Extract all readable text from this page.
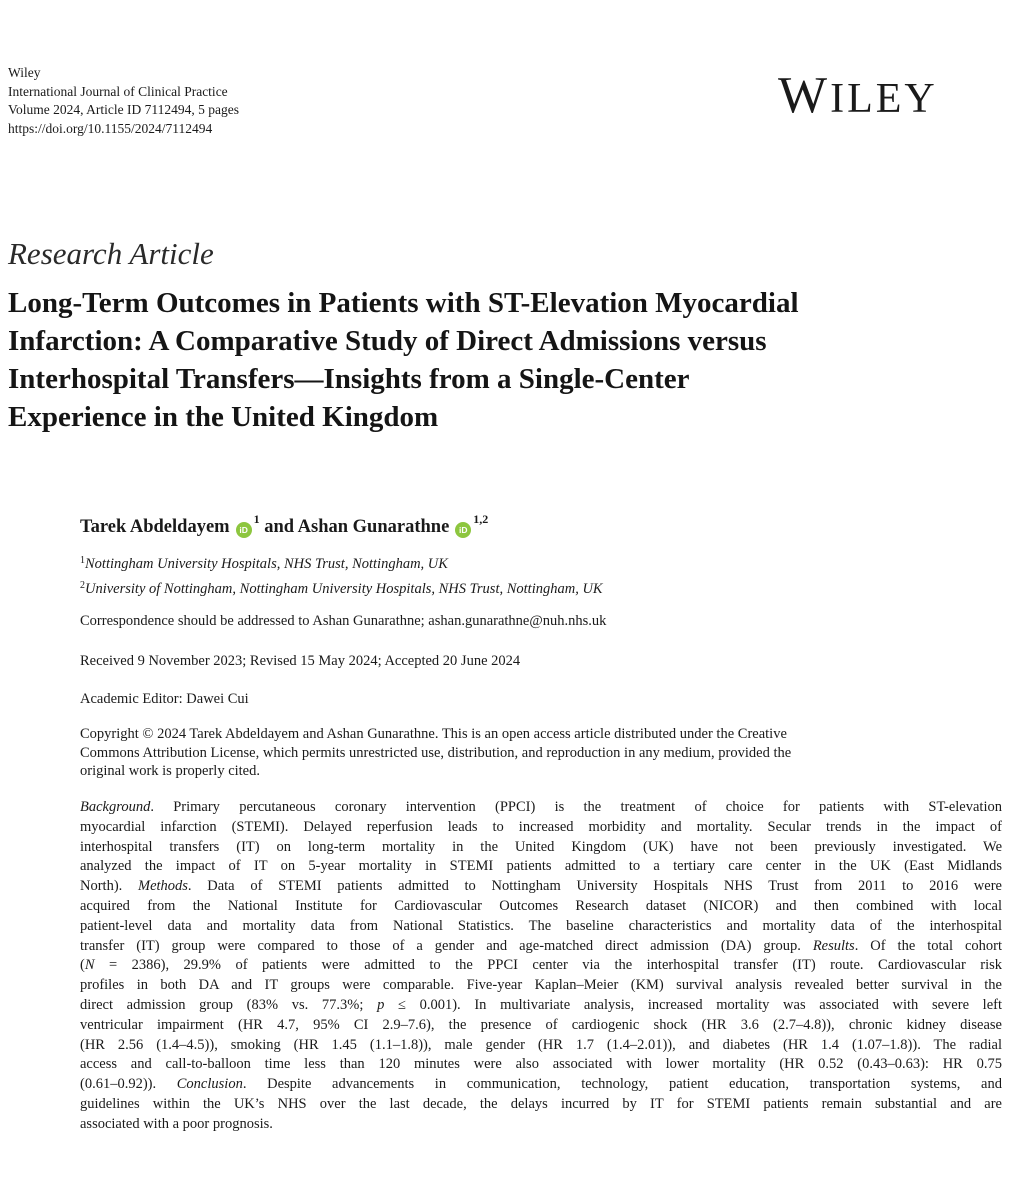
Wiley
International Journal of Clinical Practice
Volume 2024, Article ID 7112494, 5 pages
https://doi.org/10.1155/2024/7112494
WILEY
Research Article
Long-Term Outcomes in Patients with ST-Elevation Myocardial
Infarction: A Comparative Study of Direct Admissions versus
Interhospital Transfers—Insights from a Single-Center
Experience in the United Kingdom
Tarek Abdeldayem $iD^1$ and Ashan Gunarathne iD$^{1,2}$
$^1$Nottingham University Hospitals, NHS Trust, Nottingham, UK
$^2$University of Nottingham, Nottingham University Hospitals, NHS Trust, Nottingham, UK
Correspondence should be addressed to Ashan Gunarathne; ashan.gunarathne@nuh.nhs.uk
Received 9 November 2023; Revised 15 May 2024; Accepted 20 June 2024
Academic Editor: Dawei Cui
Copyright © 2024 Tarek Abdeldayem and Ashan Gunarathne. This is an open access article distributed under the Creative
Commons Attribution License, which permits unrestricted use, distribution, and reproduction in any medium, provided the
original work is properly cited.
Background. Primary percutaneous coronary intervention (PPCI) is the treatment of choice for patients with ST-elevation
myocardial infarction (STEMI). Delayed reperfusion leads to increased morbidity and mortality. Secular trends in the impact of
interhospital transfers (IT) on long-term mortality in the United Kingdom (UK) have not been previously investigated. We
analyzed the impact of IT on 5-year mortality in STEMI patients admitted to a tertiary care center in the UK (East Midlands
North). Methods. Data of STEMI patients admitted to Nottingham University Hospitals NHS Trust from 2011 to 2016 were
acquired from the National Institute for Cardiovascular Outcomes Research dataset (NICOR) and then combined with local
patient-level data and mortality data from National Statistics. The baseline characteristics and mortality data of the interhospital
transfer (IT) group were compared to those of a gender and age-matched direct admission (DA) group. Results. Of the total cohort
(N = 2386), 29.9% of patients were admitted to the PPCI center via the interhospital transfer (IT) route. Cardiovascular risk
profiles in both DA and IT groups were comparable. Five-year Kaplan–Meier (KM) survival analysis revealed better survival in the
direct admission group (83% vs. 77.3%; p ≤ 0.001). In multivariate analysis, increased mortality was associated with severe left
ventricular impairment (HR 4.7, 95% CI 2.9–7.6), the presence of cardiogenic shock (HR 3.6 (2.7–4.8)), chronic kidney disease
(HR 2.56 (1.4–4.5)), smoking (HR 1.45 (1.1–1.8)), male gender (HR 1.7 (1.4–2.01)), and diabetes (HR 1.4 (1.07–1.8)). The radial
access and call-to-balloon time less than 120 minutes were also associated with lower mortality (HR 0.52 (0.43–0.63): HR 0.75
(0.61–0.92)). Conclusion. Despite advancements in communication, technology, patient education, transportation systems, and
guidelines within the UK’s NHS over the last decade, the delays incurred by IT for STEMI patients remain substantial and are
associated with a poor prognosis.
